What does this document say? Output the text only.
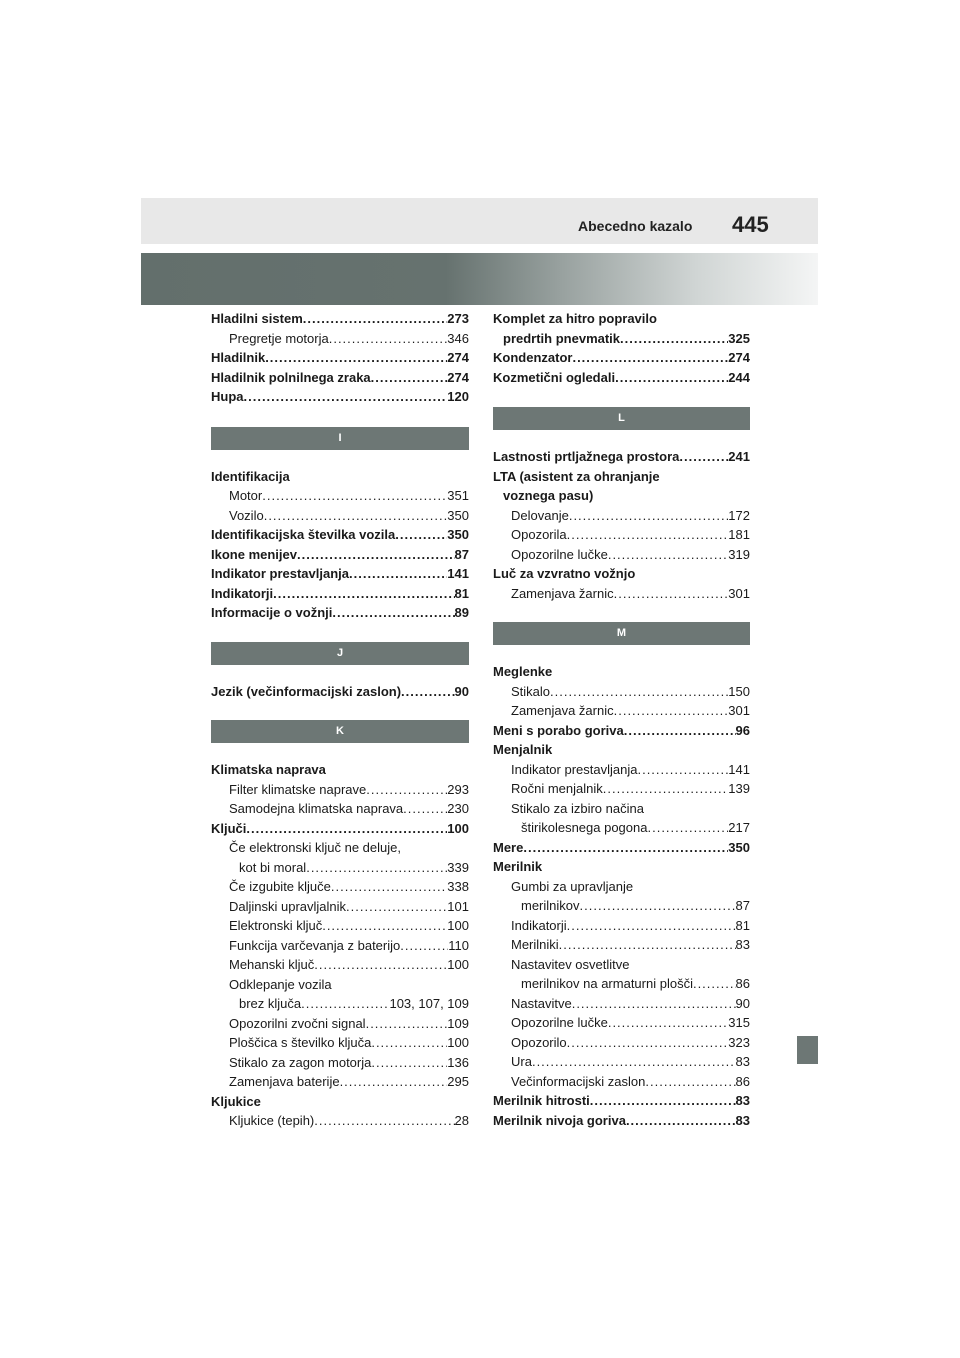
Abecedno kazalo 445
Hladilni sistem .....	273
Pregretje motorja .....	346
Hladilnik .....	274
Hladilnik polnilnega zraka .....	274
Hupa .....	120
I
Identifikacija
Motor .....	351
Vozilo .....	350
Identifikacijska številka vozila .....	350
Ikone menijev .....	87
Indikator prestavljanja .....	141
Indikatorji .....	81
Informacije o vožnji .....	89
J
Jezik (večinformacijski zaslon) .....	90
K
Klimatska naprava
Filter klimatske naprave .....	293
Samodejna klimatska naprava .....	230
Ključi .....	100
Če elektronski ključ ne deluje,
kot bi moral .....	339
Če izgubite ključe .....	338
Daljinski upravljalnik .....	101
Elektronski ključ .....	100
Funkcija varčevanja z baterijo .....	110
Mehanski ključ .....	100
Odklepanje vozila
brez ključa .....	103, 107, 109
Opozorilni zvočni signal .....	109
Ploščica s številko ključa .....	100
Stikalo za zagon motorja .....	136
Zamenjava baterije .....	295
Kljukice
Kljukice (tepih) .....	28
Komplet za hitro popravilo
predrtih pnevmatik .....	325
Kondenzator .....	274
Kozmetični ogledali .....	244
L
Lastnosti prtljažnega prostora .....	241
LTA (asistent za ohranjanje
voznega pasu)
Delovanje .....	172
Opozorila .....	181
Opozorilne lučke .....	319
Luč za vzvratno vožnjo
Zamenjava žarnic .....	301
M
Meglenke
Stikalo .....	150
Zamenjava žarnic .....	301
Meni s porabo goriva .....	96
Menjalnik
Indikator prestavljanja .....	141
Ročni menjalnik .....	139
Stikalo za izbiro načina
štirikolesnega pogona .....	217
Mere .....	350
Merilnik
Gumbi za upravljanje
merilnikov .....	87
Indikatorji .....	81
Merilniki .....	83
Nastavitev osvetlitve
merilnikov na armaturni plošči .....	86
Nastavitve .....	90
Opozorilne lučke .....	315
Opozorilo .....	323
Ura .....	83
Večinformacijski zaslon .....	86
Merilnik hitrosti .....	83
Merilnik nivoja goriva .....	83
